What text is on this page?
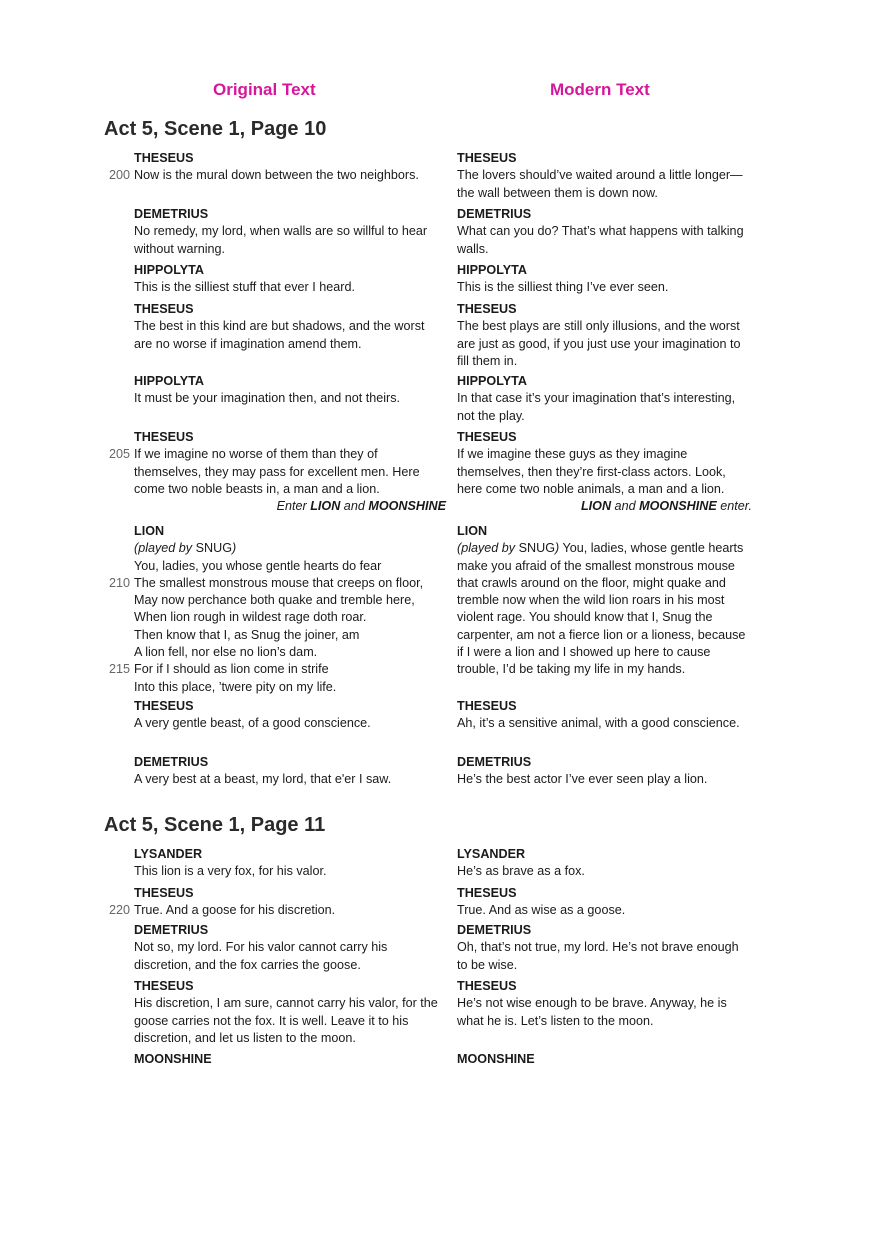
Original Text	Modern Text
Act 5, Scene 1, Page 10
Act 5, Scene 1, Page 11
THESEUS
200 Now is the mural down between the two neighbors.
THESEUS
The lovers should’ve waited around a little longer—the wall between them is down now.
DEMETRIUS
No remedy, my lord, when walls are so willful to hear without warning.
DEMETRIUS
What can you do? That’s what happens with talking walls.
HIPPOLYTA
This is the silliest stuff that ever I heard.
HIPPOLYTA
This is the silliest thing I’ve ever seen.
THESEUS
The best in this kind are but shadows, and the worst are no worse if imagination amend them.
THESEUS
The best plays are still only illusions, and the worst are just as good, if you just use your imagination to fill them in.
HIPPOLYTA
It must be your imagination then, and not theirs.
HIPPOLYTA
In that case it’s your imagination that’s interesting, not the play.
THESEUS
205 If we imagine no worse of them than they of themselves, they may pass for excellent men. Here come two noble beasts in, a man and a lion.
Enter LION and MOONSHINE
THESEUS
If we imagine these guys as they imagine themselves, then they’re first-class actors. Look, here come two noble animals, a man and a lion.
LION and MOONSHINE enter.
LION
(played by SNUG)
You, ladies, you whose gentle hearts do fear
210 The smallest monstrous mouse that creeps on floor,
May now perchance both quake and tremble here,
When lion rough in wildest rage doth roar.
Then know that I, as Snug the joiner, am
A lion fell, nor else no lion’s dam.
215 For if I should as lion come in strife
Into this place, ’twere pity on my life.
LION
(played by SNUG) You, ladies, whose gentle hearts make you afraid of the smallest monstrous mouse that crawls around on the floor, might quake and tremble now when the wild lion roars in his most violent rage. You should know that I, Snug the carpenter, am not a fierce lion or a lioness, because if I were a lion and I showed up here to cause trouble, I’d be taking my life in my hands.
THESEUS
A very gentle beast, of a good conscience.
THESEUS
Ah, it’s a sensitive animal, with a good conscience.
DEMETRIUS
A very best at a beast, my lord, that e'er I saw.
DEMETRIUS
He’s the best actor I’ve ever seen play a lion.
LYSANDER
This lion is a very fox, for his valor.
LYSANDER
He’s as brave as a fox.
THESEUS
220 True. And a goose for his discretion.
THESEUS
True. And as wise as a goose.
DEMETRIUS
Not so, my lord. For his valor cannot carry his discretion, and the fox carries the goose.
DEMETRIUS
Oh, that’s not true, my lord. He’s not brave enough to be wise.
THESEUS
His discretion, I am sure, cannot carry his valor, for the goose carries not the fox. It is well. Leave it to his discretion, and let us listen to the moon.
THESEUS
He’s not wise enough to be brave. Anyway, he is what he is. Let’s listen to the moon.
MOONSHINE	MOONSHINE
